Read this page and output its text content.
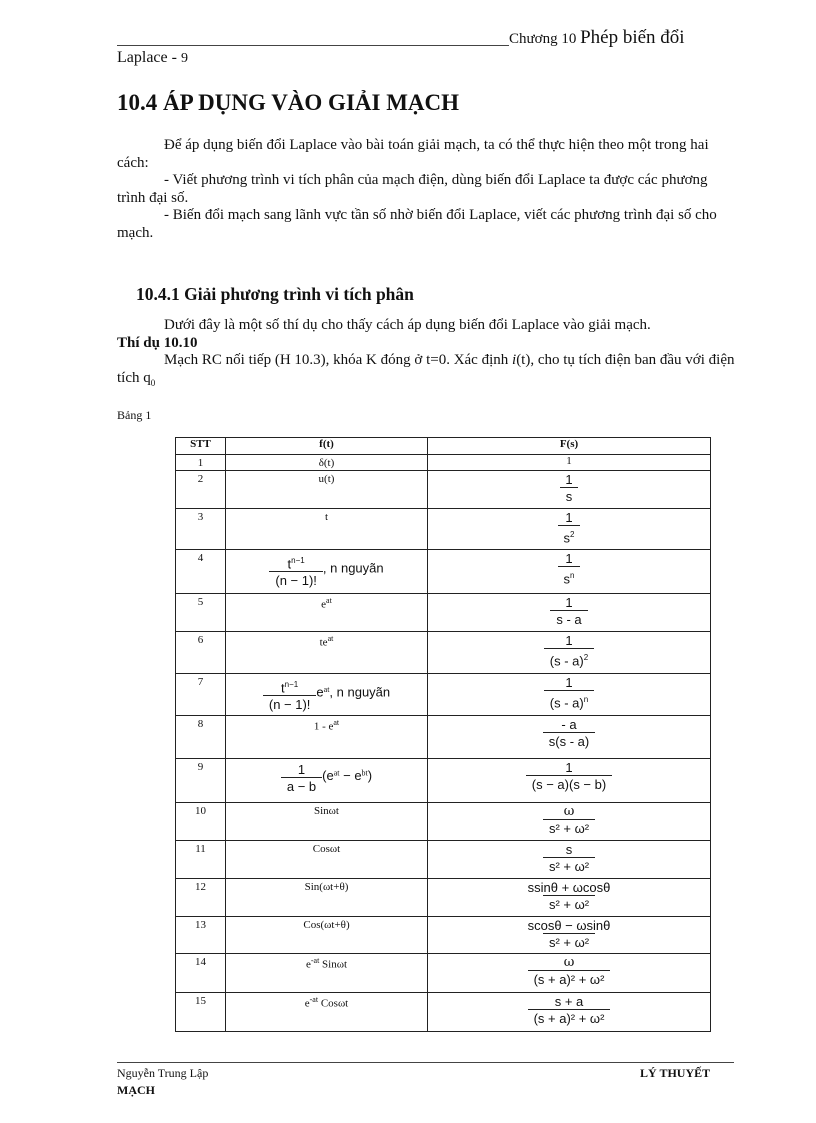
Chương 10 Phép biến đổi
Laplace - 9
10.4 ÁP DỤNG VÀO GIẢI MẠCH
Để áp dụng biến đổi Laplace vào bài toán giải mạch, ta có thể thực hiện theo một trong hai cách:
- Viết phương trình vi tích phân của mạch điện, dùng biến đổi Laplace ta được các phương trình đại số.
- Biến đổi mạch sang lãnh vực tần số nhờ biến đổi Laplace, viết các phương trình đại số cho mạch.
10.4.1 Giải phương trình vi tích phân
Dưới đây là một số thí dụ cho thấy cách áp dụng biến đổi Laplace vào giải mạch.
Thí dụ 10.10
Mạch RC nối tiếp (H 10.3), khóa K đóng ở t=0. Xác định i(t), cho tụ tích điện ban đầu với điện tích $q_0$
Bảng 1
STT	f(t)	F(s)
1	δ(t)	1
2	u(t)	$\frac{1}{s}$

3	t	$\frac{1}{s^2}$

4	$\frac{t^{n-1}}{(n - 1)!}$ , n nguyãn	$\frac{1}{s^n}$

5	$e^{at}$	$\frac{1}{s - a}$

6	$te^{at}$	$\frac{1}{(s - a)^2}$

7	$\frac{t^{n-1}}{(n - 1)!} e^{at}$, n nguyãn	$\frac{1}{(s - a)^n}$

8	$1 - e^{at}$	$\frac{- a}{s(s - a)}$

9	$\frac{1}{a - b} (e^{at} - e^{bt})$	$\frac{1}{(s - a)(s - b)}$

10	Sinωt	$\frac{\omega}{\text{s² + ω²}}$

11	Cosωt	$\frac{s}{\text{s² + ω²}}$

12	Sin(ωt+θ)	$\frac{ssin\theta + \omega\cos\theta}{\text{s² + ω²}}$

13	Cos(ωt+θ)	$\frac{scos\theta - \omega\sin\theta}{\text{s² + ω²}}$

14	$e^{-at}$ Sinωt	$\frac{\omega}{\text{(s + a)² + ω²}}$

15	$e^{-at}$ Cosωt	$\frac{s + a}{\text{(s + a)² + ω²}}$
Nguyễn Trung Lập	LÝ THUYẾT
MẠCH
